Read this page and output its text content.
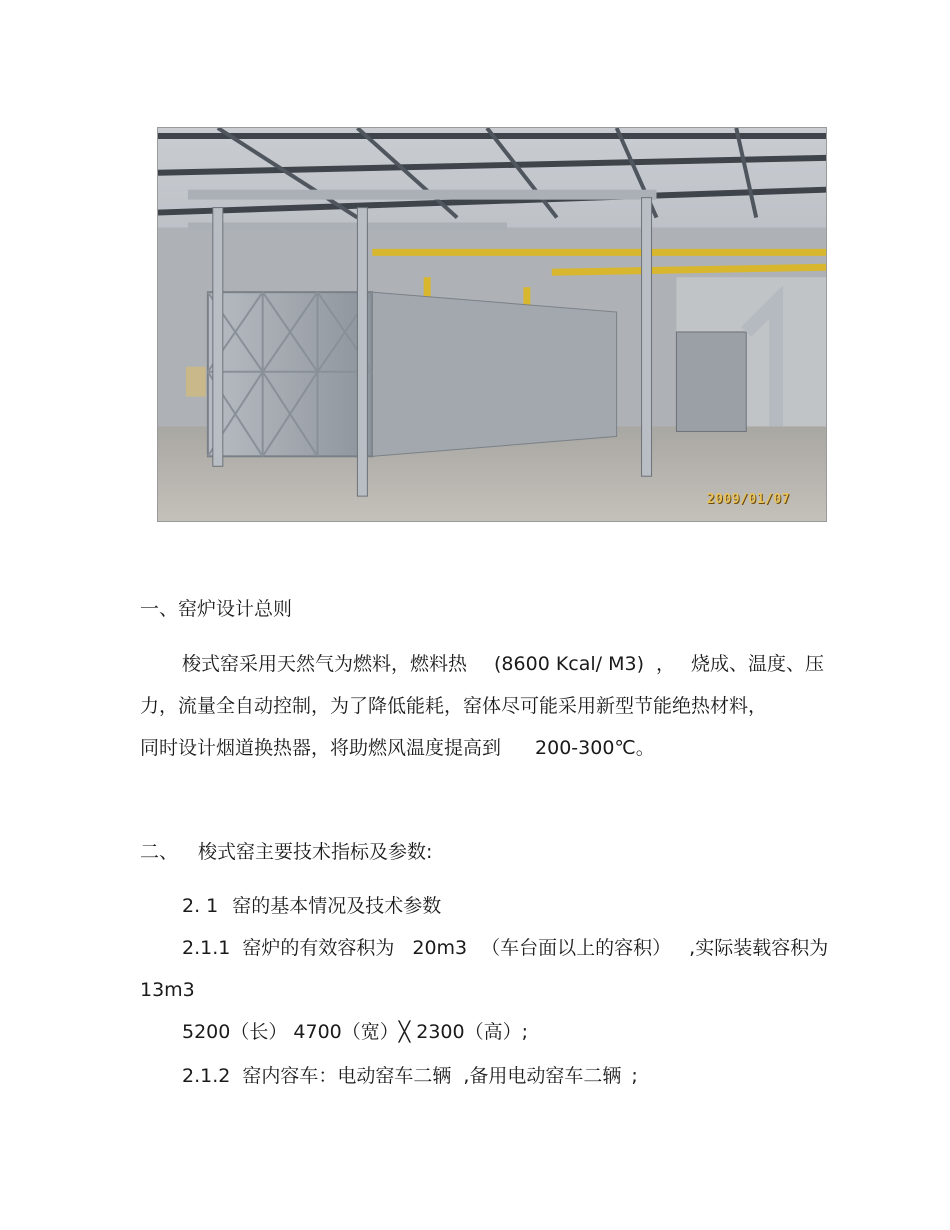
2009/01/07
一、窑炉设计总则
梭式窑采用天然气为燃料，燃料热 (8600 Kcal/ M3) ， 烧成、温度、压
力，流量全自动控制，为了降低能耗，窑体尽可能采用新型节能绝热材料，
同时设计烟道换热器，将助燃风温度提高到 200-300℃。
二、 梭式窑主要技术指标及参数:
2. 1 窑的基本情况及技术参数
2.1.1 窑炉的有效容积为 20m3 （车台面以上的容积） ,实际装载容积为
13m3
5200（长） 4700（宽）╳ 2300（高）;
2.1.2 窑内容车：电动窑车二辆 ,备用电动窑车二辆 ;
